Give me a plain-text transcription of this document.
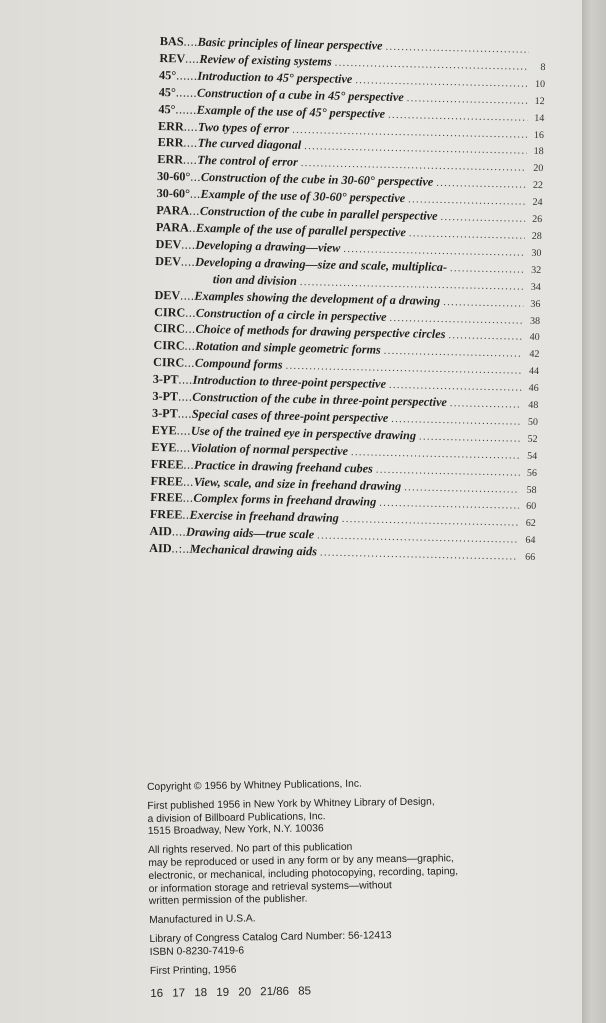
BAS .... Basic principles of linear perspective
.....
REV .... Review of existing systems .....	8
45° ...... Introduction to 45° perspective .....	10
45° ...... Construction of a cube in 45° perspective .....	12
45° ...... Example of the use of 45° perspective .....	14
ERR .... Two types of error .....	16
ERR .... The curved diagonal .....	18
ERR .... The control of error .....	20
30-60° ... Construction of the cube in 30-60° perspective .....	22
30-60° ... Example of the use of 30-60° perspective .....	24
PARA ... Construction of the cube in parallel perspective .....	26
PARA .. Example of the use of parallel perspective .....	28
DEV .... Developing a drawing—view .....	30
DEV .... Developing a drawing—size and scale, multiplica- .....	32
tion and division .....	34
DEV .... Examples showing the development of a drawing .....	36
CIRC ... Construction of a circle in perspective .....	38
CIRC ... Choice of methods for drawing perspective circles .....	40
CIRC ... Rotation and simple geometric forms .....	42
CIRC ... Compound forms .....	44
3-PT .... Introduction to three-point perspective .....	46
3-PT .... Construction of the cube in three-point perspective .....	48
3-PT .... Special cases of three-point perspective .....	50
EYE .... Use of the trained eye in perspective drawing .....	52
EYE .... Violation of normal perspective .....	54
FREE ... Practice in drawing freehand cubes .....	56
FREE ... View, scale, and size in freehand drawing .....	58
FREE ... Complex forms in freehand drawing .....	60
FREE .. Exercise in freehand drawing .....	62
AID .... Drawing aids—true scale .....	64
AID ..:.. Mechanical drawing aids .....	66

Copyright © 1956 by Whitney Publications, Inc.

First published 1956 in New York by Whitney Library of Design,
a division of Billboard Publications, Inc.
1515 Broadway, New York, N.Y. 10036

All rights reserved. No part of this publication
may be reproduced or used in any form or by any means—graphic,
electronic, or mechanical, including photocopying, recording, taping,
or information storage and retrieval systems—without
written permission of the publisher.

Manufactured in U.S.A.

Library of Congress Catalog Card Number: 56-12413
ISBN 0-8230-7419-6

First Printing, 1956

16 17 18 19 20 21/86 85
